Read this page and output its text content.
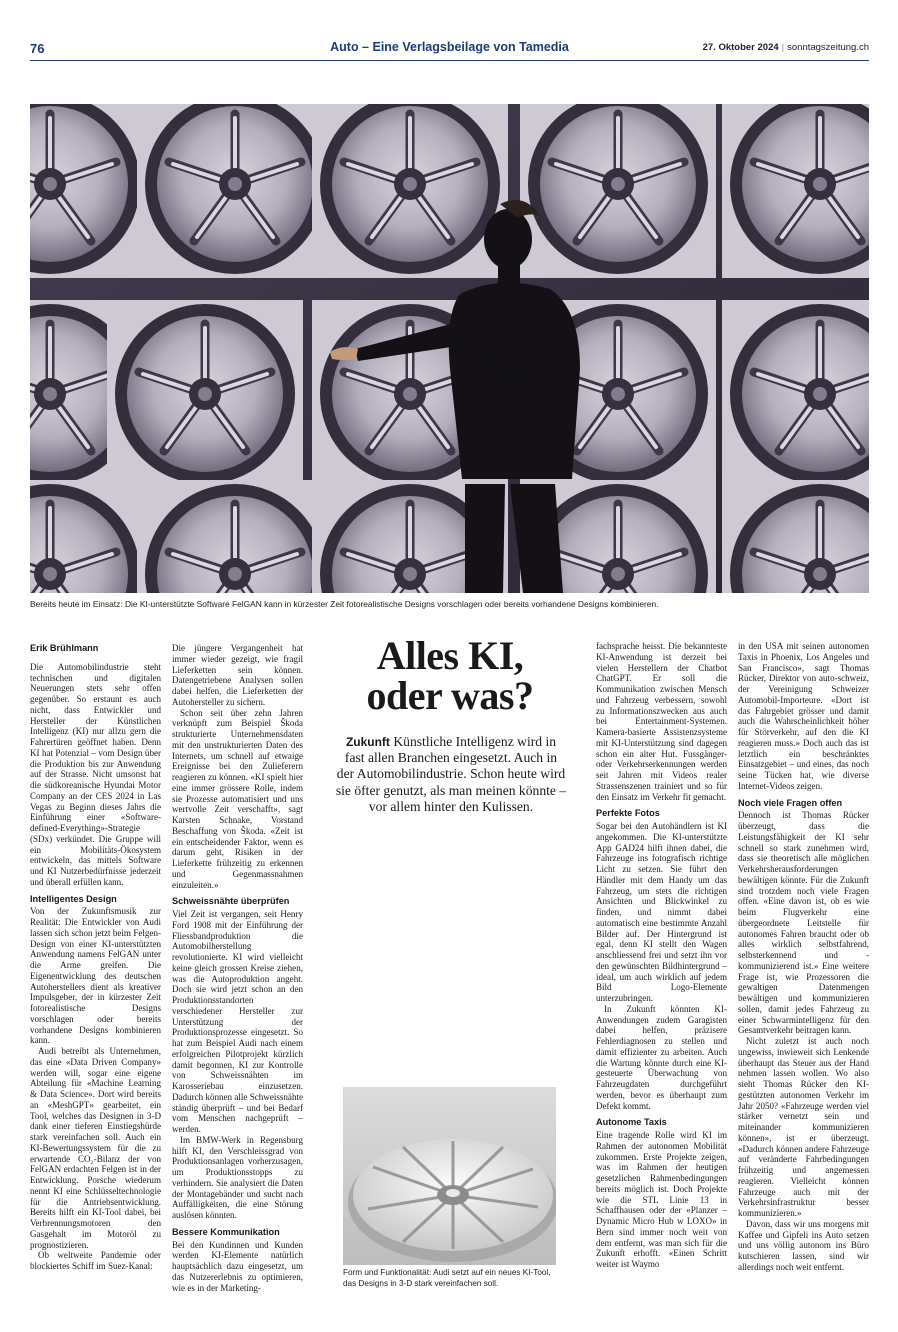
76	Auto – Eine Verlagsbeilage von Tamedia	27. Oktober 2024 | sonntagszeitung.ch
Bereits heute im Einsatz: Die KI-unterstützte Software FelGAN kann in kürzester Zeit fotorealistische Designs vorschlagen oder bereits vorhandene Designs kombinieren.
Erik Brühlmann

Die Automobilindustrie steht technischen und digitalen Neuerungen stets sehr offen gegenüber. So erstaunt es auch nicht, dass Entwickler und Hersteller der Künstlichen Intelligenz (KI) nur allzu gern die Fahrertüren geöffnet haben. Denn KI hat Potenzial – vom Design über die Produktion bis zur Anwendung auf der Strasse. Nicht umsonst hat die südkoreanische Hyundai Motor Company an der CES 2024 in Las Vegas zu Beginn dieses Jahrs die Einführung einer «Software-defined-Everything»-Strategie (SDx) verkündet. Die Gruppe will ein Mobilitäts-Ökosystem entwickeln, das mittels Software und KI Nutzerbedürfnisse jederzeit und überall erfüllen kann.

Intelligentes Design

Von der Zukunftsmusik zur Realität: Die Entwickler von Audi lassen sich schon jetzt beim Felgen-Design von einer KI-unterstützten Anwendung namens FelGAN unter die Arme greifen. Die Eigenentwicklung des deutschen Autoherstellers dient als kreativer Impulsgeber, der in kürzester Zeit fotorealistische Designs vorschlagen oder bereits vorhandene Designs kombinieren kann.

Audi betreibt als Unternehmen, das eine «Data Driven Company» werden will, sogar eine eigene Abteilung für «Machine Learning & Data Science». Dort wird bereits an «MeshGPT» gearbeitet, ein Tool, welches das Designen in 3-D dank einer tieferen Einstiegshürde stark vereinfachen soll. Auch ein KI-Bewertungssystem für die zu erwartende CO₂-Bilanz der von FelGAN erdachten Felgen ist in der Entwicklung. Porsche wiederum nennt KI eine Schlüsseltechnologie für die Antriebsentwicklung. Bereits hilft ein KI-Tool dabei, bei Verbrennungsmotoren den Gasgehalt im Motoröl zu prognostizieren.

Ob weltweite Pandemie oder blockiertes Schiff im Suez-Kanal:

Die jüngere Vergangenheit hat immer wieder gezeigt, wie fragil Lieferketten sein können. Datengetriebene Analysen sollen dabei helfen, die Lieferketten der Autohersteller zu sichern.

Schon seit über zehn Jahren verknüpft zum Beispiel Škoda strukturierte Unternehmensdaten mit den unstrukturierten Daten des Internets, um schnell auf etwaige Ereignisse bei den Zulieferern reagieren zu können. «KI spielt hier eine immer grössere Rolle, indem sie Prozesse automatisiert und uns wertvolle Zeit verschafft», sagt Karsten Schnake, Vorstand Beschaffung von Škoda. «Zeit ist ein entscheidender Faktor, wenn es darum geht, Risiken in der Lieferkette frühzeitig zu erkennen und Gegenmassnahmen einzuleiten.»

Schweissnähte überprüfen

Viel Zeit ist vergangen, seit Henry Ford 1908 mit der Einführung der Fliessbandproduktion die Automobilherstellung revolutionierte. KI wird vielleicht keine gleich grossen Kreise ziehen, was die Autoproduktion angeht. Doch sie wird jetzt schon an den Produktionsstandorten verschiedener Hersteller zur Unterstützung der Produktionsprozesse eingesetzt. So hat zum Beispiel Audi nach einem erfolgreichen Pilotprojekt kürzlich damit begonnen, KI zur Kontrolle von Schweissnähten im Karosseriebau einzusetzen. Dadurch können alle Schweissnähte ständig überprüft – und bei Bedarf vom Menschen nachgeprüft – werden.

Im BMW-Werk in Regensburg hilft KI, den Verschleissgrad von Produktionsanlagen vorherzusagen, um Produktionsstopps zu verhindern. Sie analysiert die Daten der Montagebänder und sucht nach Auffälligkeiten, die eine Störung auslösen könnten.

Bessere Kommunikation

Bei den Kundinnen und Kunden werden KI-Elemente natürlich hauptsächlich dazu eingesetzt, um das Nutzererlebnis zu optimieren, wie es in der Marketing-

Alles KI,
oder was?
Zukunft Künstliche Intelligenz wird in fast allen Branchen eingesetzt. Auch in der Automobilindustrie. Schon heute wird sie öfter genutzt, als man meinen könnte – vor allem hinter den Kulissen.
Form und Funktionalität: Audi setzt auf ein neues KI-Tool, das Designs in 3-D stark vereinfachen soll.

fachsprache heisst. Die bekannteste KI-Anwendung ist derzeit bei vielen Herstellern der Chatbot ChatGPT. Er soll die Kommunikation zwischen Mensch und Fahrzeug verbessern, sowohl zu Informationszwecken aus auch bei Entertainment-Systemen. Kamera-basierte Assistenzsysteme mit KI-Unterstützung sind dagegen schon ein alter Hut. Fussgänger- oder Verkehrserkennungen werden seit Jahren mit Videos realer Strassenszenen trainiert und so für den Einsatz im Verkehr fit gemacht.

Perfekte Fotos

Sogar bei den Autohändlern ist KI angekommen. Die KI-unterstützte App GAD24 hilft ihnen dabei, die Fahrzeuge ins fotografisch richtige Licht zu setzen. Sie führt den Händler mit dem Handy um das Fahrzeug, um stets die richtigen Ansichten und Blickwinkel zu finden, und nimmt dabei automatisch eine bestimmte Anzahl Bilder auf. Der Hintergrund ist egal, denn KI stellt den Wagen anschliessend frei und setzt ihn vor den gewünschten Bildhintergrund – ideal, um auch wirklich auf jedem Bild Logo-Elemente unterzubringen.

In Zukunft könnten KI-Anwendungen zudem Garagisten dabei helfen, präzisere Fehlerdiagnosen zu stellen und damit effizienter zu arbeiten. Auch die Wartung könnte durch eine KI-gesteuerte Überwachung von Fahrzeugdaten durchgeführt werden, bevor es überhaupt zum Defekt kommt.

Autonome Taxis

Eine tragende Rolle wird KI im Rahmen der autonomen Mobilität zukommen. Erste Projekte zeigen, was im Rahmen der heutigen gesetzlichen Rahmenbedingungen bereits möglich ist. Doch Projekte wie die STL Linie 13 in Schaffhausen oder der «Planzer – Dynamic Micro Hub w LOXO» in Bern sind immer noch weit von dem entfernt, was man sich für die Zukunft erhofft. «Einen Schritt weiter ist Waymo

in den USA mit seinen autonomen Taxis in Phoenix, Los Angeles und San Francisco», sagt Thomas Rücker, Direktor von auto-schweiz, der Vereinigung Schweizer Automobil-Importeure. «Dort ist das Fahrgebiet grösser und damit auch die Wahrscheinlichkeit höher für Störverkehr, auf den die KI reagieren muss.» Doch auch das ist letztlich ein beschränktes Einsatzgebiet – und eines, das noch seine Tücken hat, wie diverse Internet-Videos zeigen.

Noch viele Fragen offen

Dennoch ist Thomas Rücker überzeugt, dass die Leistungsfähigkeit der KI sehr schnell so stark zunehmen wird, dass sie theoretisch alle möglichen Verkehrsherausforderungen bewältigen könnte. Für die Zukunft sind trotzdem noch viele Fragen offen. «Eine davon ist, ob es wie beim Flugverkehr eine übergeordnete Leitstelle für autonomes Fahren braucht oder ob alles wirklich selbstfahrend, selbsterkennend und -kommunizierend ist.» Eine weitere Frage ist, wie Prozessoren die gewaltigen Datenmengen bewältigen und kommunizieren sollen, damit jedes Fahrzeug zu einer Schwarmintelligenz für den Gesamtverkehr beitragen kann.

Nicht zuletzt ist auch noch ungewiss, inwieweit sich Lenkende überhaupt das Steuer aus der Hand nehmen lassen wollen. Wo also sieht Thomas Rücker den KI-gestützten autonomen Verkehr im Jahr 2050? «Fahrzeuge werden viel stärker vernetzt sein und miteinander kommunizieren können», ist er überzeugt. «Dadurch können andere Fahrzeuge auf veränderte Fahrbedingungen frühzeitig und angemessen reagieren. Vielleicht können Fahrzeuge auch mit der Verkehrsinfrastruktur besser kommunizieren.»

Davon, dass wir uns morgens mit Kaffee und Gipfeli ins Auto setzen und uns völlig autonom ins Büro kutschieren lassen, sind wir allerdings noch weit entfernt.
